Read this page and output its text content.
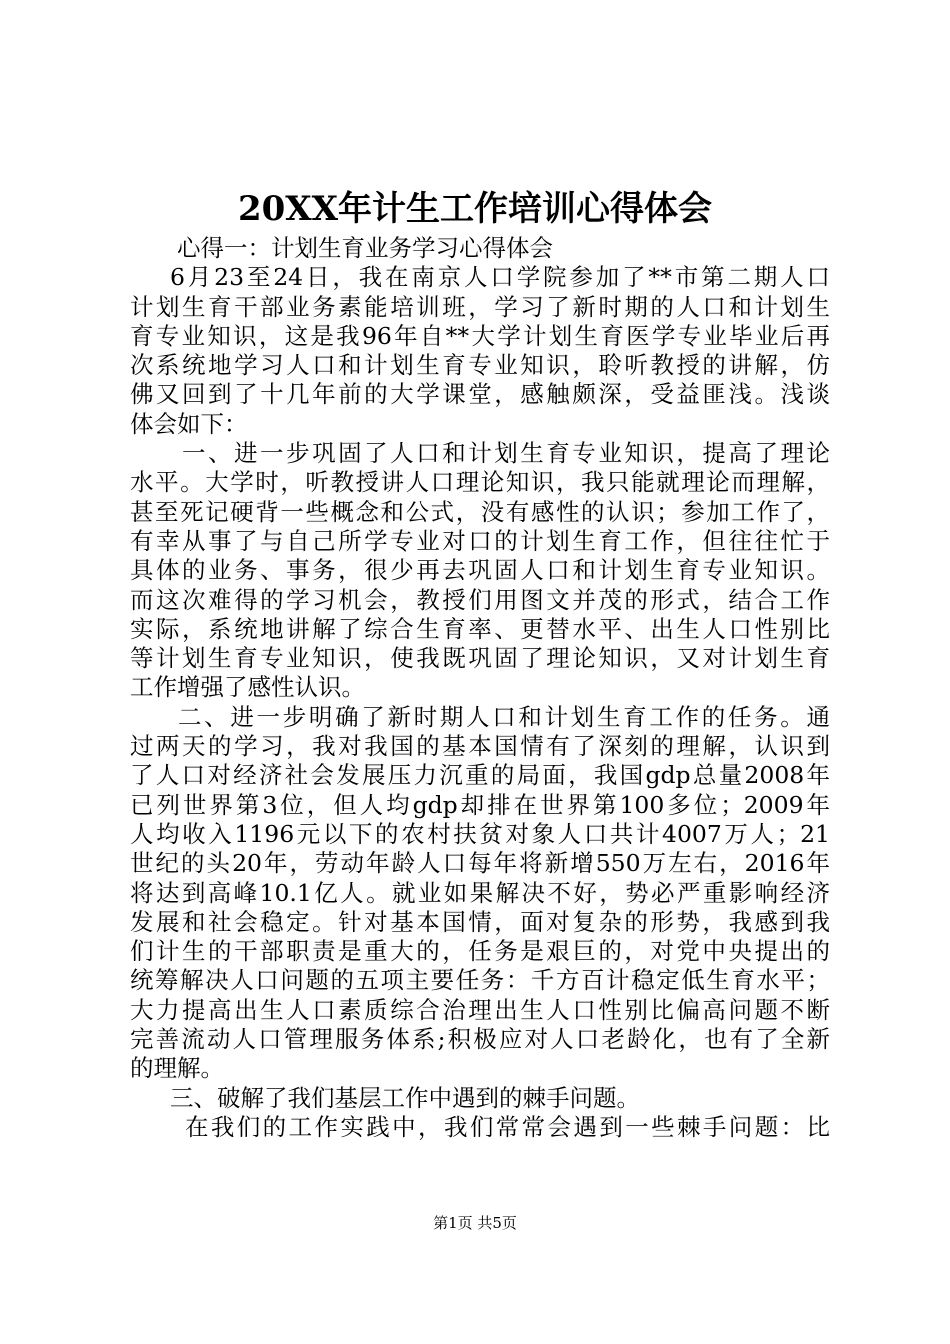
20XX年计生工作培训心得体会
心得一：计划生育业务学习心得体会
6月23至24日，我在南京人口学院参加了**市第二期人口
计划生育干部业务素能培训班，学习了新时期的人口和计划生
育专业知识，这是我96年自**大学计划生育医学专业毕业后再
次系统地学习人口和计划生育专业知识，聆听教授的讲解，仿
佛又回到了十几年前的大学课堂，感触颇深，受益匪浅。浅谈
体会如下：
一、进一步巩固了人口和计划生育专业知识，提高了理论
水平。大学时，听教授讲人口理论知识，我只能就理论而理解，
甚至死记硬背一些概念和公式，没有感性的认识；参加工作了，
有幸从事了与自己所学专业对口的计划生育工作，但往往忙于
具体的业务、事务，很少再去巩固人口和计划生育专业知识。
而这次难得的学习机会，教授们用图文并茂的形式，结合工作
实际，系统地讲解了综合生育率、更替水平、出生人口性别比
等计划生育专业知识，使我既巩固了理论知识，又对计划生育
工作增强了感性认识。
二、进一步明确了新时期人口和计划生育工作的任务。通
过两天的学习，我对我国的基本国情有了深刻的理解，认识到
了人口对经济社会发展压力沉重的局面，我国gdp总量2008年
已列世界第3位，但人均gdp却排在世界第100多位；2009年
人均收入1196元以下的农村扶贫对象人口共计4007万人；21
世纪的头20年，劳动年龄人口每年将新增550万左右，2016年
将达到高峰10.1亿人。就业如果解决不好，势必严重影响经济
发展和社会稳定。针对基本国情，面对复杂的形势，我感到我
们计生的干部职责是重大的，任务是艰巨的，对党中央提出的
统筹解决人口问题的五项主要任务：千方百计稳定低生育水平；
大力提高出生人口素质综合治理出生人口性别比偏高问题不断
完善流动人口管理服务体系;积极应对人口老龄化，也有了全新
的理解。
三、破解了我们基层工作中遇到的棘手问题。
在我们的工作实践中，我们常常会遇到一些棘手问题：比
第1页 共5页
